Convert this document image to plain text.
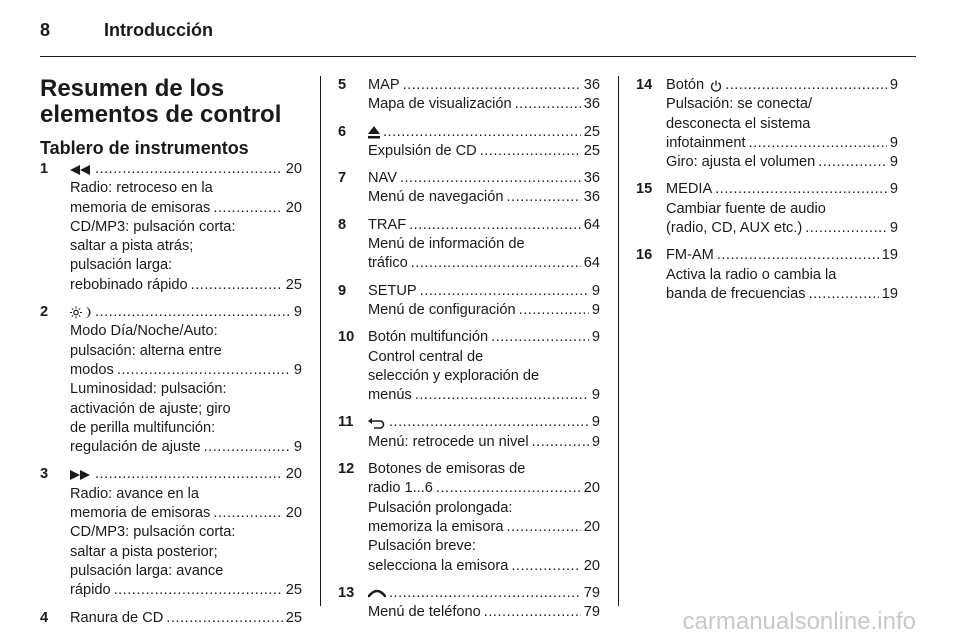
8	Introducción
Resumen de los elementos de control
Tablero de instrumentos
1 .....	20
Radio: retroceso en la
memoria de emisoras .....	20
CD/MP3: pulsación corta:
saltar a pista atrás;
pulsación larga:
rebobinado rápido .....	25
2 .....	9
Modo Día/Noche/Auto:
pulsación: alterna entre
modos .....	9
Luminosidad: pulsación:
activación de ajuste; giro
de perilla multifunción:
regulación de ajuste .....	9
3 .....	20
Radio: avance en la
memoria de emisoras .....	20
CD/MP3: pulsación corta:
saltar a pista posterior;
pulsación larga: avance
rápido .....	25
4	Ranura de CD .....	25
5	MAP .....	36
Mapa de visualización .....	36
6 .....	25
Expulsión de CD .....	25
7	NAV .....	36
Menú de navegación .....	36
8	TRAF .....	64
Menú de información de
tráfico .....	64
9	SETUP .....	9
Menú de configuración .....	9
10 Botón multifunción .....	9
Control central de
selección y exploración de
menús .....	9
11 .....	9
Menú: retrocede un nivel .....	9
12 Botones de emisoras de
radio 1...6 .....	20
Pulsación prolongada:
memoriza la emisora .....	20
Pulsación breve:
selecciona la emisora .....	20
13 .....	79
Menú de teléfono .....	79
14 Botón .....	9
Pulsación: se conecta/
desconecta el sistema
infotainment .....	9
Giro: ajusta el volumen .....	9
15 MEDIA .....	9
Cambiar fuente de audio
(radio, CD, AUX etc.) .....	9
16 FM-AM .....	19
Activa la radio o cambia la
banda de frecuencias .....	19
carmanualsonline.info
